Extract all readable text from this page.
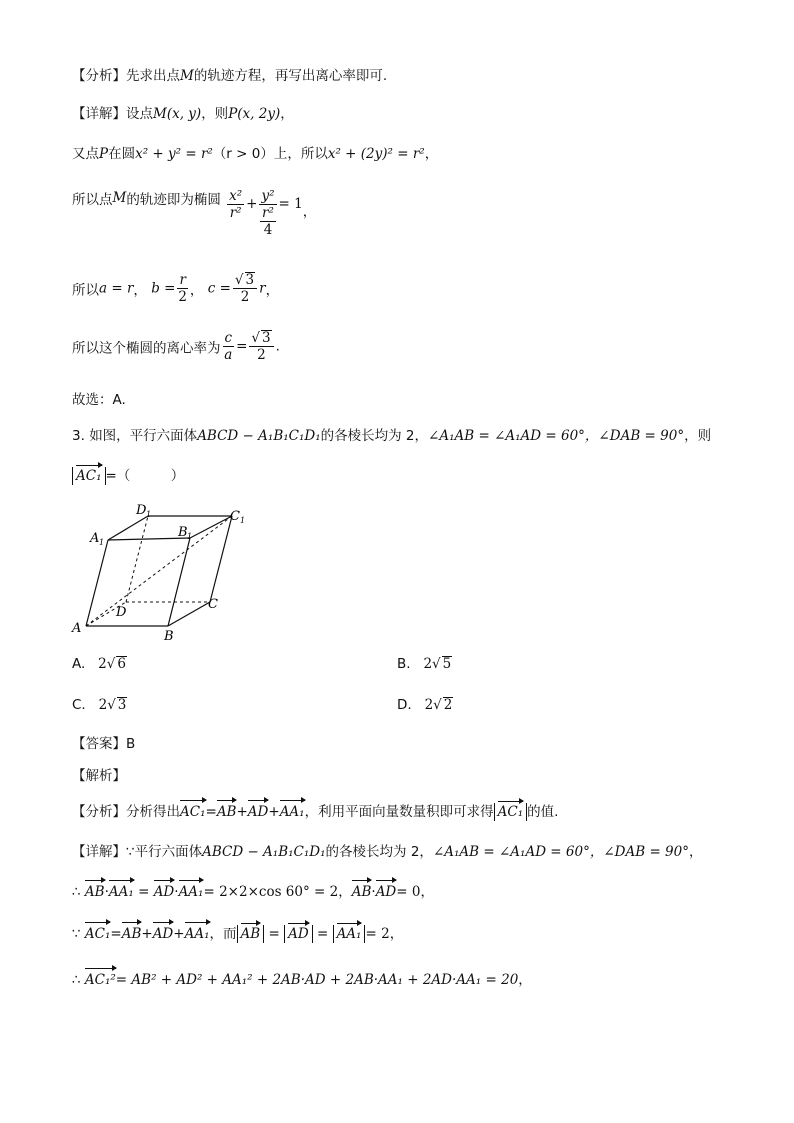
【分析】先求出点M的轨迹方程，再写出离心率即可.
【详解】设点M(x, y)，则P(x, 2y)，
又点P在圆x² + y² = r²（r > 0）上，所以x² + (2y)² = r²，
所以点M的轨迹即为椭圆 $\frac{\text{x²}}{\text{r²}} + \frac{\text{y²}}{\frac{\text{r²}}{4}} = 1$，
所以a = r， $b = \frac{r}{2}$ ， $c = \frac{√ 3}{2}$ r，
所以这个椭圆的离心率为 $\frac{c}{a} = \frac{√ 3}{2}$ .
故选：A.
3. 如图，平行六面体ABCD − A₁B₁C₁D₁的各棱长均为 2，∠A₁AB = ∠A₁AD = 60°，∠DAB = 90°，则
AC₁ =（　　　）
A
B
C
D
A 1
B 1
C 1
D 1
A. 2√ 6	B. 2√ 5
C. 2√ 3	D. 2√ 2
【答案】B
【解析】
【分析】分析得出AC₁=AB+AD+AA₁，利用平面向量数量积即可求得 AC₁ 的值.
【详解】∵平行六面体ABCD − A₁B₁C₁D₁的各棱长均为 2，∠A₁AB = ∠A₁AD = 60°，∠DAB = 90°，
∴ AB·AA₁ = AD·AA₁= 2×2×cos 60° = 2，AB·AD= 0，
∵ AC₁=AB+AD+AA₁，而 AB = AD = AA₁ = 2，
∴ AC₁²= AB² + AD² + AA₁² + 2AB·AD + 2AB·AA₁ + 2AD·AA₁ = 20，
